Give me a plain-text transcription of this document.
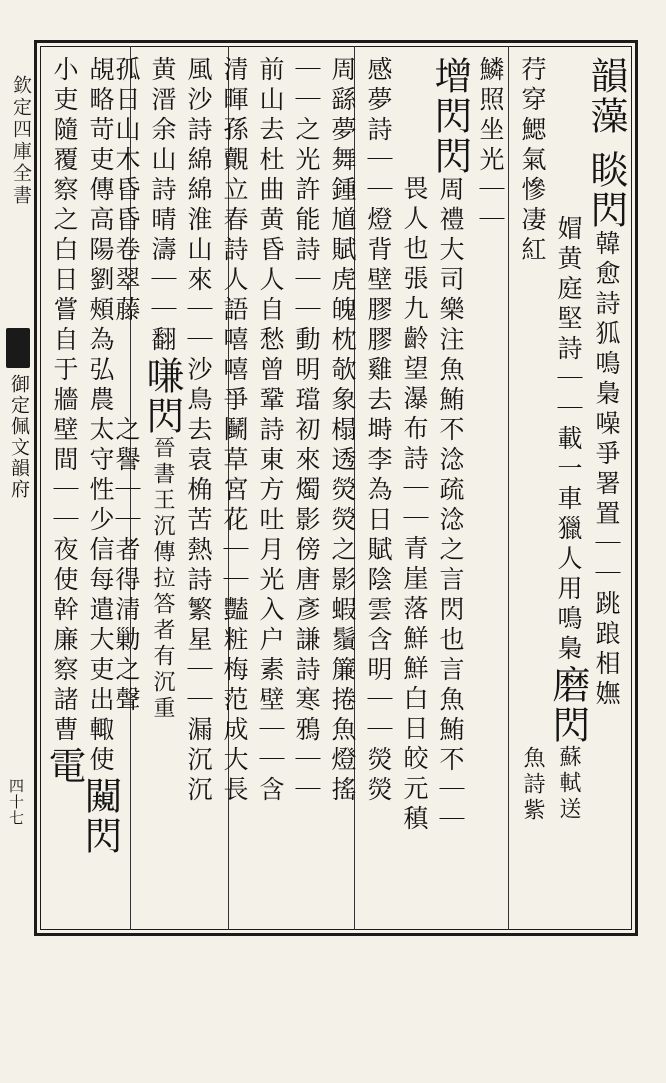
欽定四庫全書
御定佩文韻府
四十七
韻藻
睒閃韓愈詩狐鳴梟噪爭署置｜｜跳踉相嫵
媢黄庭堅詩｜｜載一車獵人用鳴梟磨閃蘇軾送
荇穿鰓氣慘凄紅魚詩紫
鱗照坐光｜｜
增閃閃周禮大司樂注魚鮪不淰疏淰之言閃也言魚鮪不｜｜
畏人也張九齡望瀑布詩｜｜青崖落鮮鮮白日皎元稹
感夢詩｜｜燈背壁膠膠雞去塒李為日賦陰雲含明｜｜熒熒
周繇夢舞鍾馗賦虎魄枕欹象榻透熒熒之影蝦鬚簾捲魚燈搖
｜｜之光許能詩｜｜動明璫初來燭影傍唐彥謙詩寒鴉｜｜
前山去杜曲黄昏人自愁曾鞏詩東方吐月光入户素壁｜｜含
清暉孫覿立春詩人語嘻嘻爭鬭草宮花｜｜豔粧梅范成大長
風沙詩綿綿淮山來｜｜沙鳥去袁桷苦熱詩繁星｜｜漏沉沉
黄溍余山詩晴濤｜｜翻嗛閃晉書王沉傳拉答者有沉重
孤日山木昏昏卷翠藤之譽｜｜者得清勦之聲
覘略苛吏傳高陽劉頰為弘農太守性少信每遣大吏出輙使闚閃
小吏隨覆察之白日嘗自于牆壁間｜｜夜使幹廉察諸曹電
